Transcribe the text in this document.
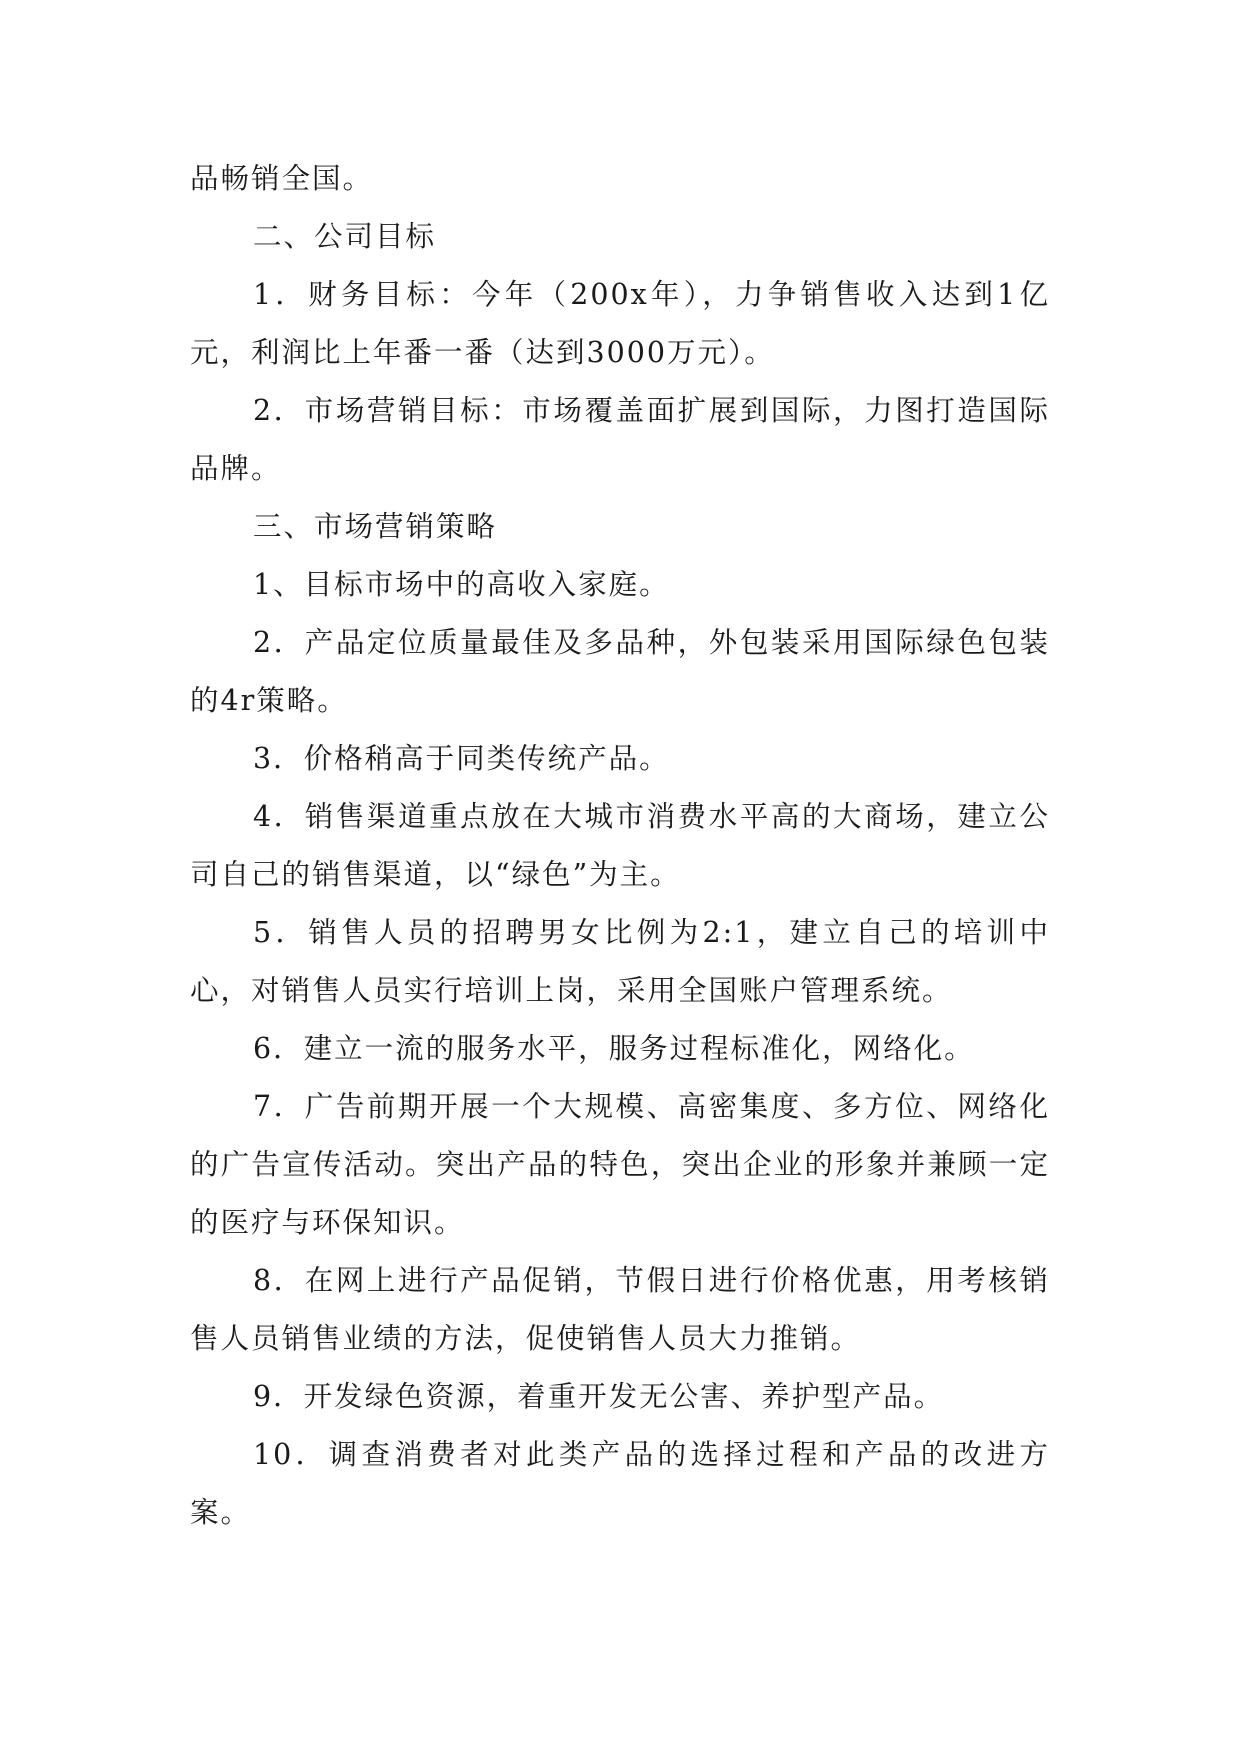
品畅销全国。

二、公司目标

1．财务目标：今年（200x年），力争销售收入达到1亿元，利润比上年番一番（达到3000万元）。

2．市场营销目标：市场覆盖面扩展到国际，力图打造国际品牌。

三、市场营销策略

1、目标市场中的高收入家庭。

2．产品定位质量最佳及多品种，外包装采用国际绿色包装的4r策略。

3．价格稍高于同类传统产品。

4．销售渠道重点放在大城市消费水平高的大商场，建立公司自己的销售渠道，以“绿色”为主。

5．销售人员的招聘男女比例为2:1，建立自己的培训中心，对销售人员实行培训上岗，采用全国账户管理系统。

6．建立一流的服务水平，服务过程标准化，网络化。

7．广告前期开展一个大规模、高密集度、多方位、网络化的广告宣传活动。突出产品的特色，突出企业的形象并兼顾一定的医疗与环保知识。

8．在网上进行产品促销，节假日进行价格优惠，用考核销售人员销售业绩的方法，促使销售人员大力推销。

9．开发绿色资源，着重开发无公害、养护型产品。

10．调查消费者对此类产品的选择过程和产品的改进方案。
